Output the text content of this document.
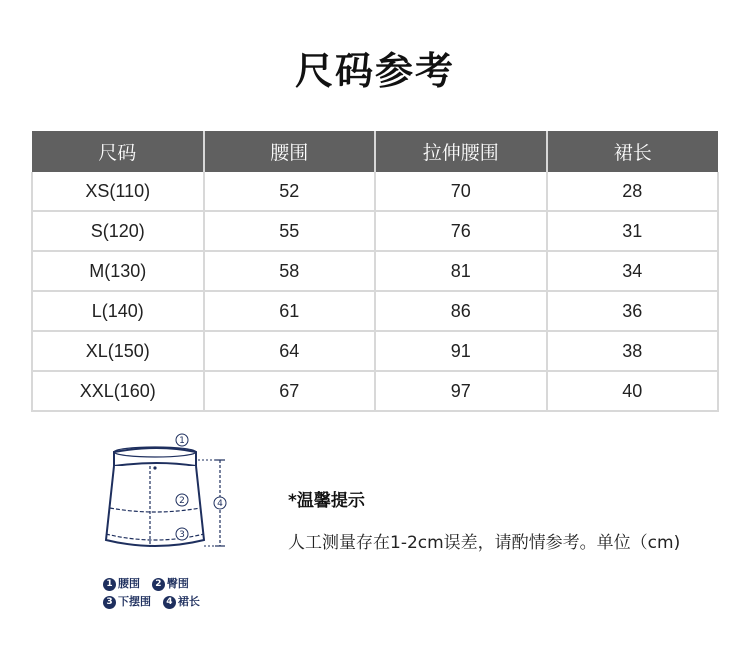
尺码参考
尺码	腰围	拉伸腰围	裙长
XS(110)	52	70	28
S(120)	55	76	31
M(130)	58	81	34
L(140)	61	86	36
XL(150)	64	91	38
XXL(160)	67	97	40
1
2
3
4
1 腰围 2 臀围
3 下摆围 4 裙长
*温馨提示
人工测量存在1-2cm误差，请酌情参考。单位（cm)
